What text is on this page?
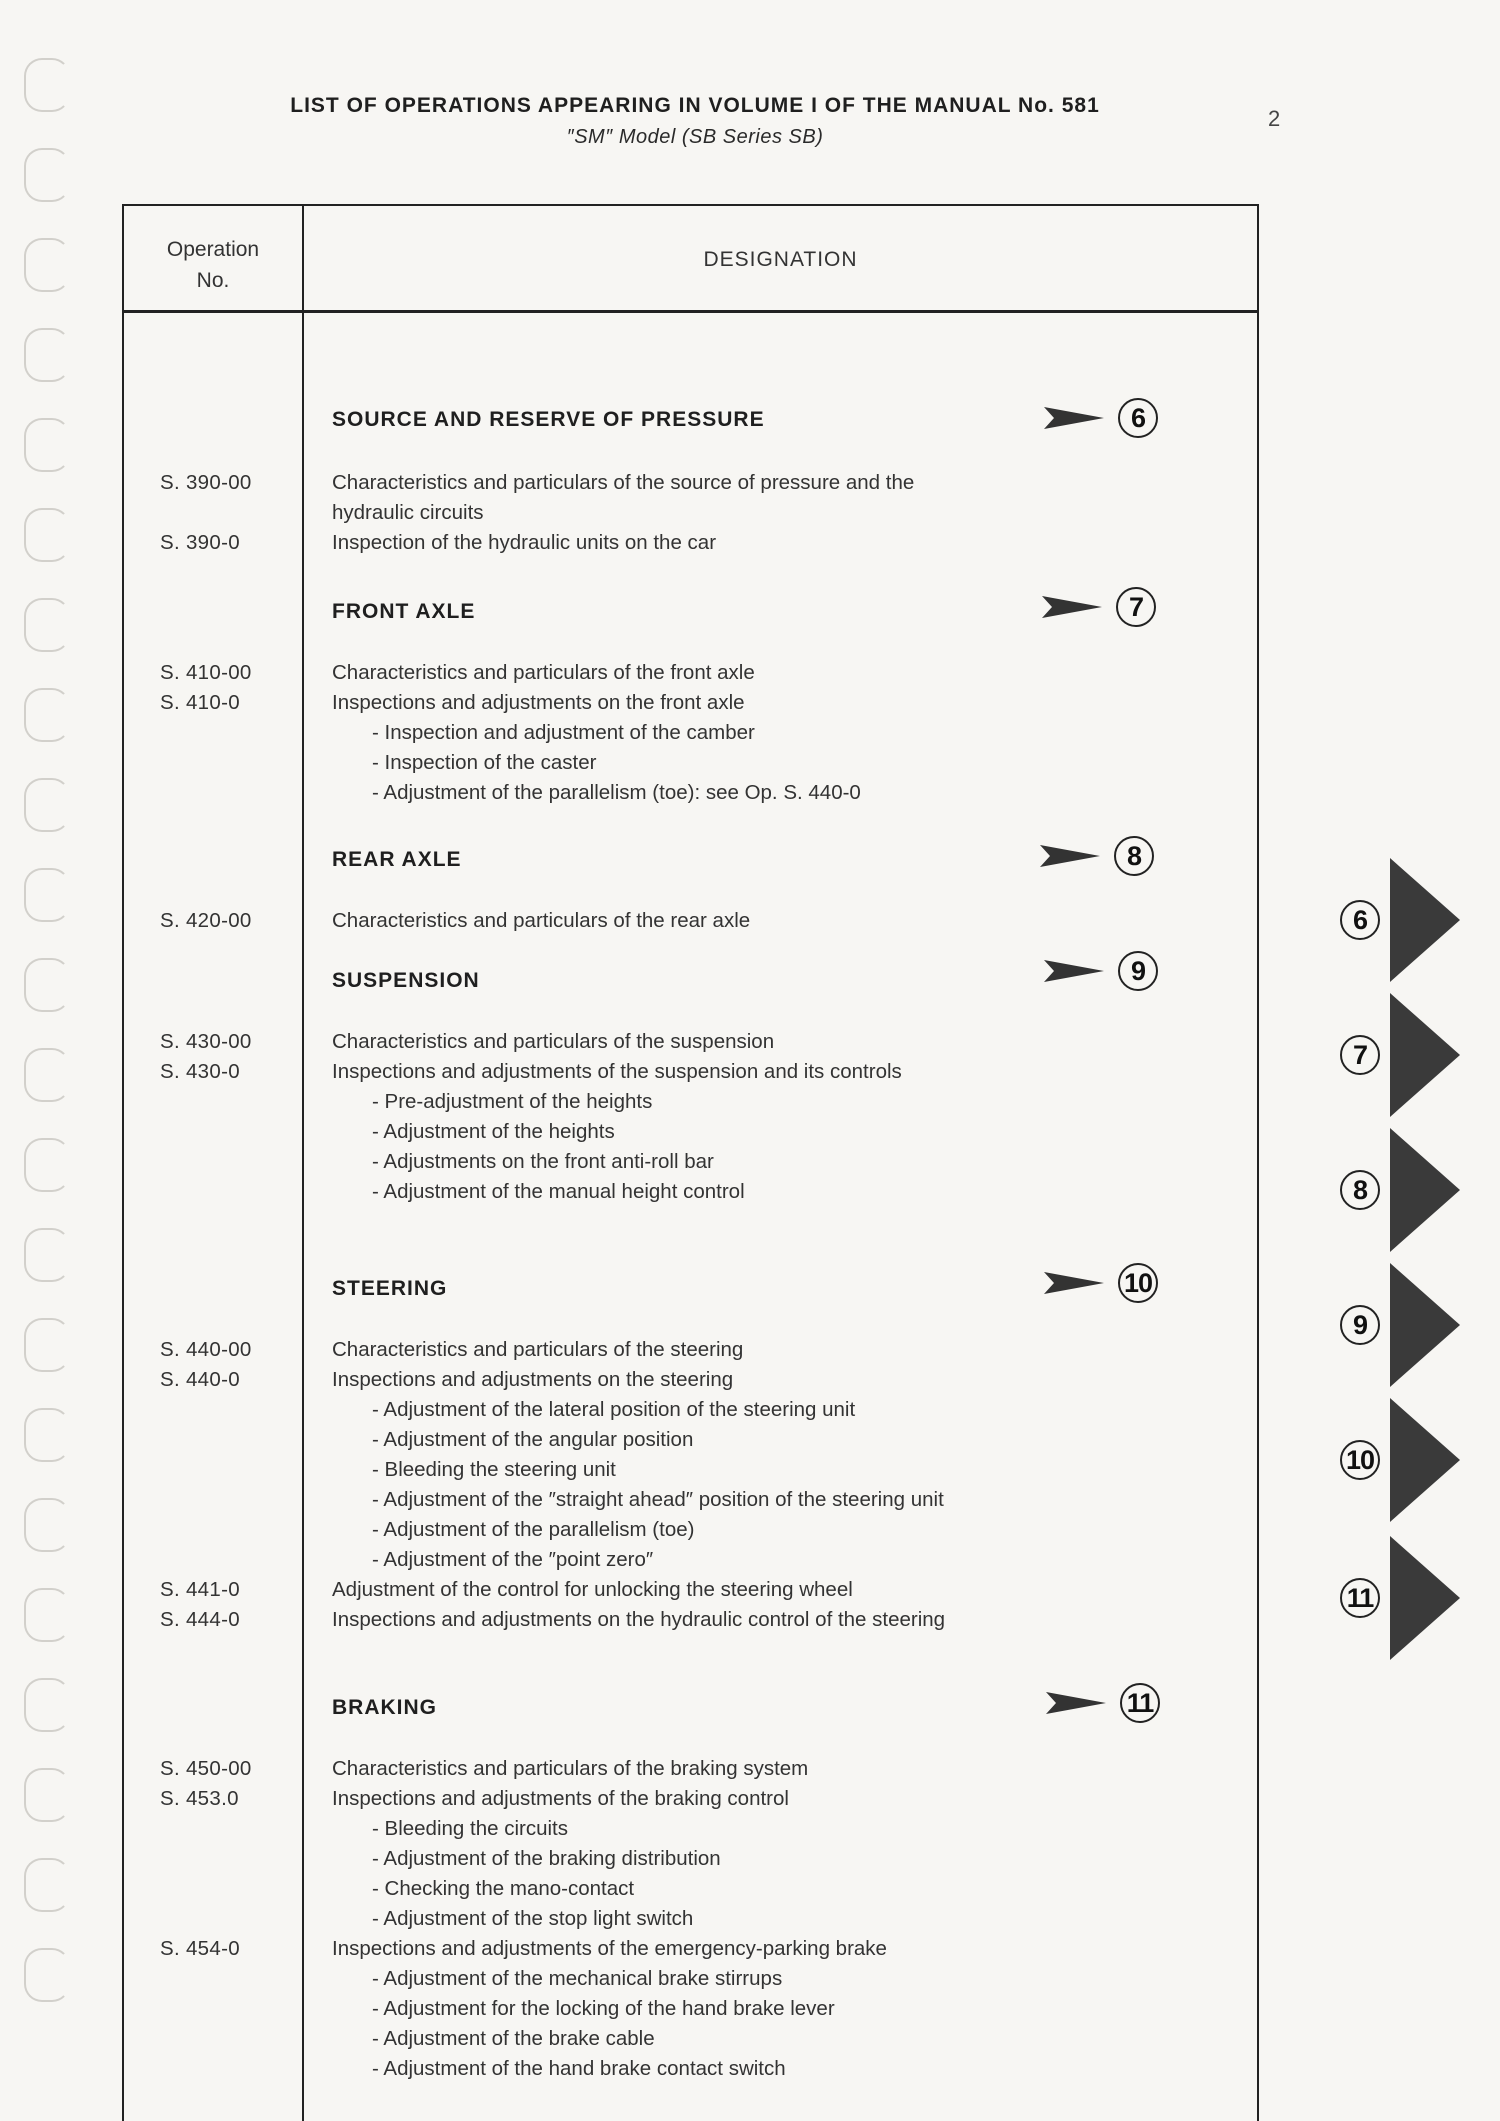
LIST OF OPERATIONS APPEARING IN VOLUME I OF THE MANUAL No. 581
″SM″ Model (SB Series SB)
2
Operation
No.
DESIGNATION
SOURCE AND RESERVE OF PRESSURE	6
S. 390-00	Characteristics and particulars of the source of pressure and the
hydraulic circuits
S. 390-0	Inspection of the hydraulic units on the car
FRONT AXLE	7
S. 410-00	Characteristics and particulars of the front axle
S. 410-0	Inspections and adjustments on the front axle
- Inspection and adjustment of the camber
- Inspection of the caster
- Adjustment of the parallelism (toe): see Op. S. 440-0
REAR AXLE	8
S. 420-00	Characteristics and particulars of the rear axle
SUSPENSION	9
S. 430-00	Characteristics and particulars of the suspension
S. 430-0	Inspections and adjustments of the suspension and its controls
- Pre-adjustment of the heights
- Adjustment of the heights
- Adjustments on the front anti-roll bar
- Adjustment of the manual height control
STEERING	10
S. 440-00	Characteristics and particulars of the steering
S. 440-0	Inspections and adjustments on the steering
- Adjustment of the lateral position of the steering unit
- Adjustment of the angular position
- Bleeding the steering unit
- Adjustment of the ″straight ahead″ position of the steering unit
- Adjustment of the parallelism (toe)
- Adjustment of the ″point zero″
S. 441-0	Adjustment of the control for unlocking the steering wheel
S. 444-0	Inspections and adjustments on the hydraulic control of the steering
BRAKING	11
S. 450-00	Characteristics and particulars of the braking system
S. 453.0	Inspections and adjustments of the braking control
- Bleeding the circuits
- Adjustment of the braking distribution
- Checking the mano-contact
- Adjustment of the stop light switch
S. 454-0	Inspections and adjustments of the emergency-parking brake
- Adjustment of the mechanical brake stirrups
- Adjustment for the locking of the hand brake lever
- Adjustment of the brake cable
- Adjustment of the hand brake contact switch
6
7
8
9
10
11
